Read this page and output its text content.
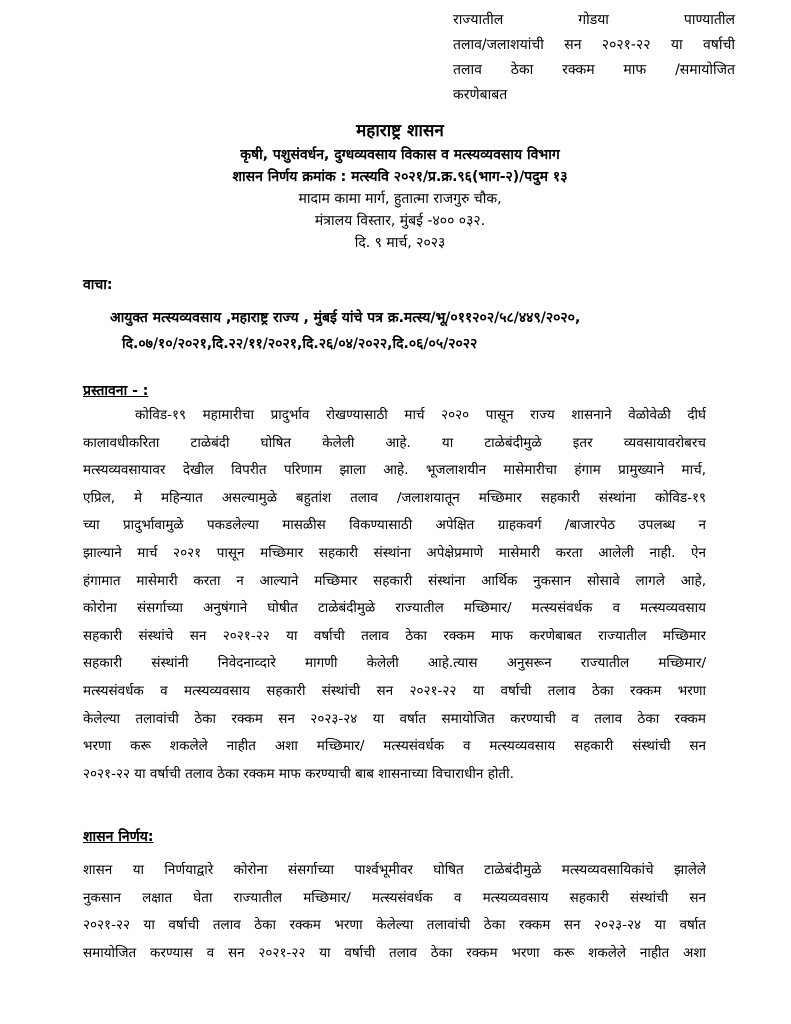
राज्यातील गोडया पाण्यातील
तलाव/जलाशयांची सन २०२१-२२ या वर्षाची
तलाव ठेका रक्कम माफ /समायोजित
करणेबाबत
महाराष्ट्र शासन
कृषी, पशुसंवर्धन, दुग्धव्यवसाय विकास व मत्स्यव्यवसाय विभाग
शासन निर्णय क्रमांक : मत्स्यवि २०२१/प्र.क्र.९६(भाग-२)/पदुम १३
मादाम कामा मार्ग, हुतात्मा राजगुरु चौक,
मंत्रालय विस्तार, मुंबई -४०० ०३२.
दि. ९ मार्च, २०२३
वाचा:
आयुक्त मत्स्यव्यवसाय ,महाराष्ट्र राज्य , मुंबई यांचे पत्र क्र.मत्स्य/भू/०११२०२/५८/४४९/२०२०,
दि.०७/१०/२०२१,दि.२२/११/२०२१,दि.२६/०४/२०२२,दि.०६/०५/२०२२
प्रस्तावना - :
कोविड-१९ महामारीचा प्रादुर्भाव रोखण्यासाठी मार्च २०२० पासून राज्य शासनाने वेळोवेळी दीर्घ
कालावधीकरिता टाळेबंदी घोषित केलेली आहे. या टाळेबंदीमुळे इतर व्यवसायावरोबरच
मत्स्यव्यवसायावर देखील विपरीत परिणाम झाला आहे. भूजलाशयीन मासेमारीचा हंगाम प्रामुख्याने मार्च,
एप्रिल, मे महिन्यात असल्यामुळे बहुतांश तलाव /जलाशयातून मच्छिमार सहकारी संस्थांना कोविड-१९
च्या प्रादुर्भावामुळे पकडलेल्या मासळीस विकण्यासाठी अपेक्षित ग्राहकवर्ग /बाजारपेठ उपलब्ध न
झाल्याने मार्च २०२१ पासून मच्छिमार सहकारी संस्थांना अपेक्षेप्रमाणे मासेमारी करता आलेली नाही. ऐन
हंगामात मासेमारी करता न आल्याने मच्छिमार सहकारी संस्थांना आर्थिक नुकसान सोसावे लागले आहे,
कोरोना संसर्गाच्या अनुषंगाने घोषीत टाळेबंदीमुळे राज्यातील मच्छिमार/ मत्स्यसंवर्धक व मत्स्यव्यवसाय
सहकारी संस्थांचे सन २०२१-२२ या वर्षाची तलाव ठेका रक्कम माफ करणेबाबत राज्यातील मच्छिमार
सहकारी संस्थांनी निवेदनाव्दारे मागणी केलेली आहे.त्यास अनुसरून राज्यातील मच्छिमार/
मत्स्यसंवर्धक व मत्स्यव्यवसाय सहकारी संस्थांची सन २०२१-२२ या वर्षाची तलाव ठेका रक्कम भरणा
केलेल्या तलावांची ठेका रक्कम सन २०२३-२४ या वर्षात समायोजित करण्याची व तलाव ठेका रक्कम
भरणा करू शकलेले नाहीत अशा मच्छिमार/ मत्स्यसंवर्धक व मत्स्यव्यवसाय सहकारी संस्थांची सन
२०२१-२२ या वर्षाची तलाव ठेका रक्कम माफ करण्याची बाब शासनाच्या विचाराधीन होती.
शासन निर्णय:
शासन या निर्णयाद्वारे कोरोना संसर्गाच्या पार्श्वभूमीवर घोषित टाळेबंदीमुळे मत्स्यव्यवसायिकांचे झालेले
नुकसान लक्षात घेता राज्यातील मच्छिमार/ मत्स्यसंवर्धक व मत्स्यव्यवसाय सहकारी संस्थांची सन
२०२१-२२ या वर्षाची तलाव ठेका रक्कम भरणा केलेल्या तलावांची ठेका रक्कम सन २०२३-२४ या वर्षात
समायोजित करण्यास व सन २०२१-२२ या वर्षाची तलाव ठेका रक्कम भरणा करू शकलेले नाहीत अशा
